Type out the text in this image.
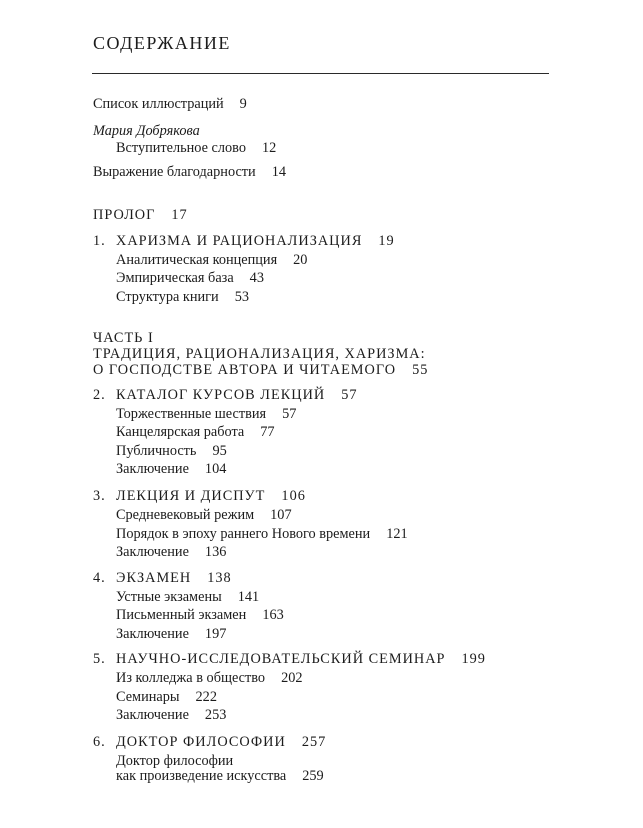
СОДЕРЖАНИЕ
Список иллюстраций 9
Мария Добрякова
Вступительное слово 12
Выражение благодарности 14
ПРОЛОГ 17
1. ХАРИЗМА И РАЦИОНАЛИЗАЦИЯ 19
Аналитическая концепция 20
Эмпирическая база 43
Структура книги 53
ЧАСТЬ I
ТРАДИЦИЯ, РАЦИОНАЛИЗАЦИЯ, ХАРИЗМА:
О ГОСПОДСТВЕ АВТОРА И ЧИТАЕМОГО 55
2. КАТАЛОГ КУРСОВ ЛЕКЦИЙ 57
Торжественные шествия 57
Канцелярская работа 77
Публичность 95
Заключение 104
3. ЛЕКЦИЯ И ДИСПУТ 106
Средневековый режим 107
Порядок в эпоху раннего Нового времени 121
Заключение 136
4. ЭКЗАМЕН 138
Устные экзамены 141
Письменный экзамен 163
Заключение 197
5. НАУЧНО-ИССЛЕДОВАТЕЛЬСКИЙ СЕМИНАР 199
Из колледжа в общество 202
Семинары 222
Заключение 253
6. ДОКТОР ФИЛОСОФИИ 257
Доктор философии
как произведение искусства 259
